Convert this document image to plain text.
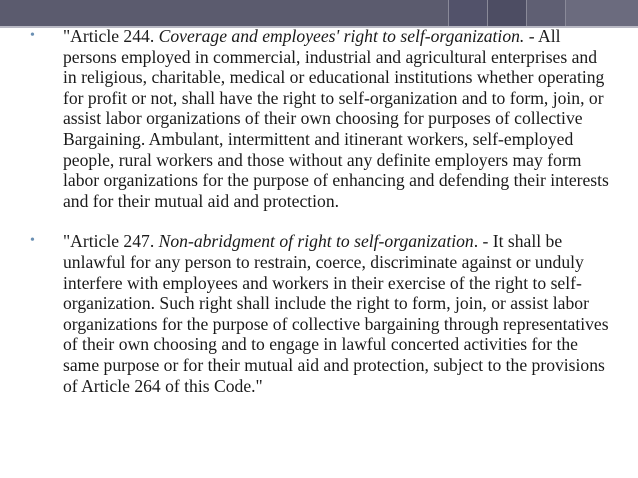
• "Article 244. Coverage and employees' right to self-organization. - All persons employed in commercial, industrial and agricultural enterprises and in religious, charitable, medical or educational institutions whether operating for profit or not, shall have the right to self-organization and to form, join, or assist labor organizations of their own choosing for purposes of collective Bargaining. Ambulant, intermittent and itinerant workers, self-employed people, rural workers and those without any definite employers may form labor organizations for the purpose of enhancing and defending their interests and for their mutual aid and protection.
• "Article 247. Non-abridgment of right to self-organization. - It shall be unlawful for any person to restrain, coerce, discriminate against or unduly interfere with employees and workers in their exercise of the right to self-organization. Such right shall include the right to form, join, or assist labor organizations for the purpose of collective bargaining through representatives of their own choosing and to engage in lawful concerted activities for the same purpose or for their mutual aid and protection, subject to the provisions of Article 264 of this Code."
